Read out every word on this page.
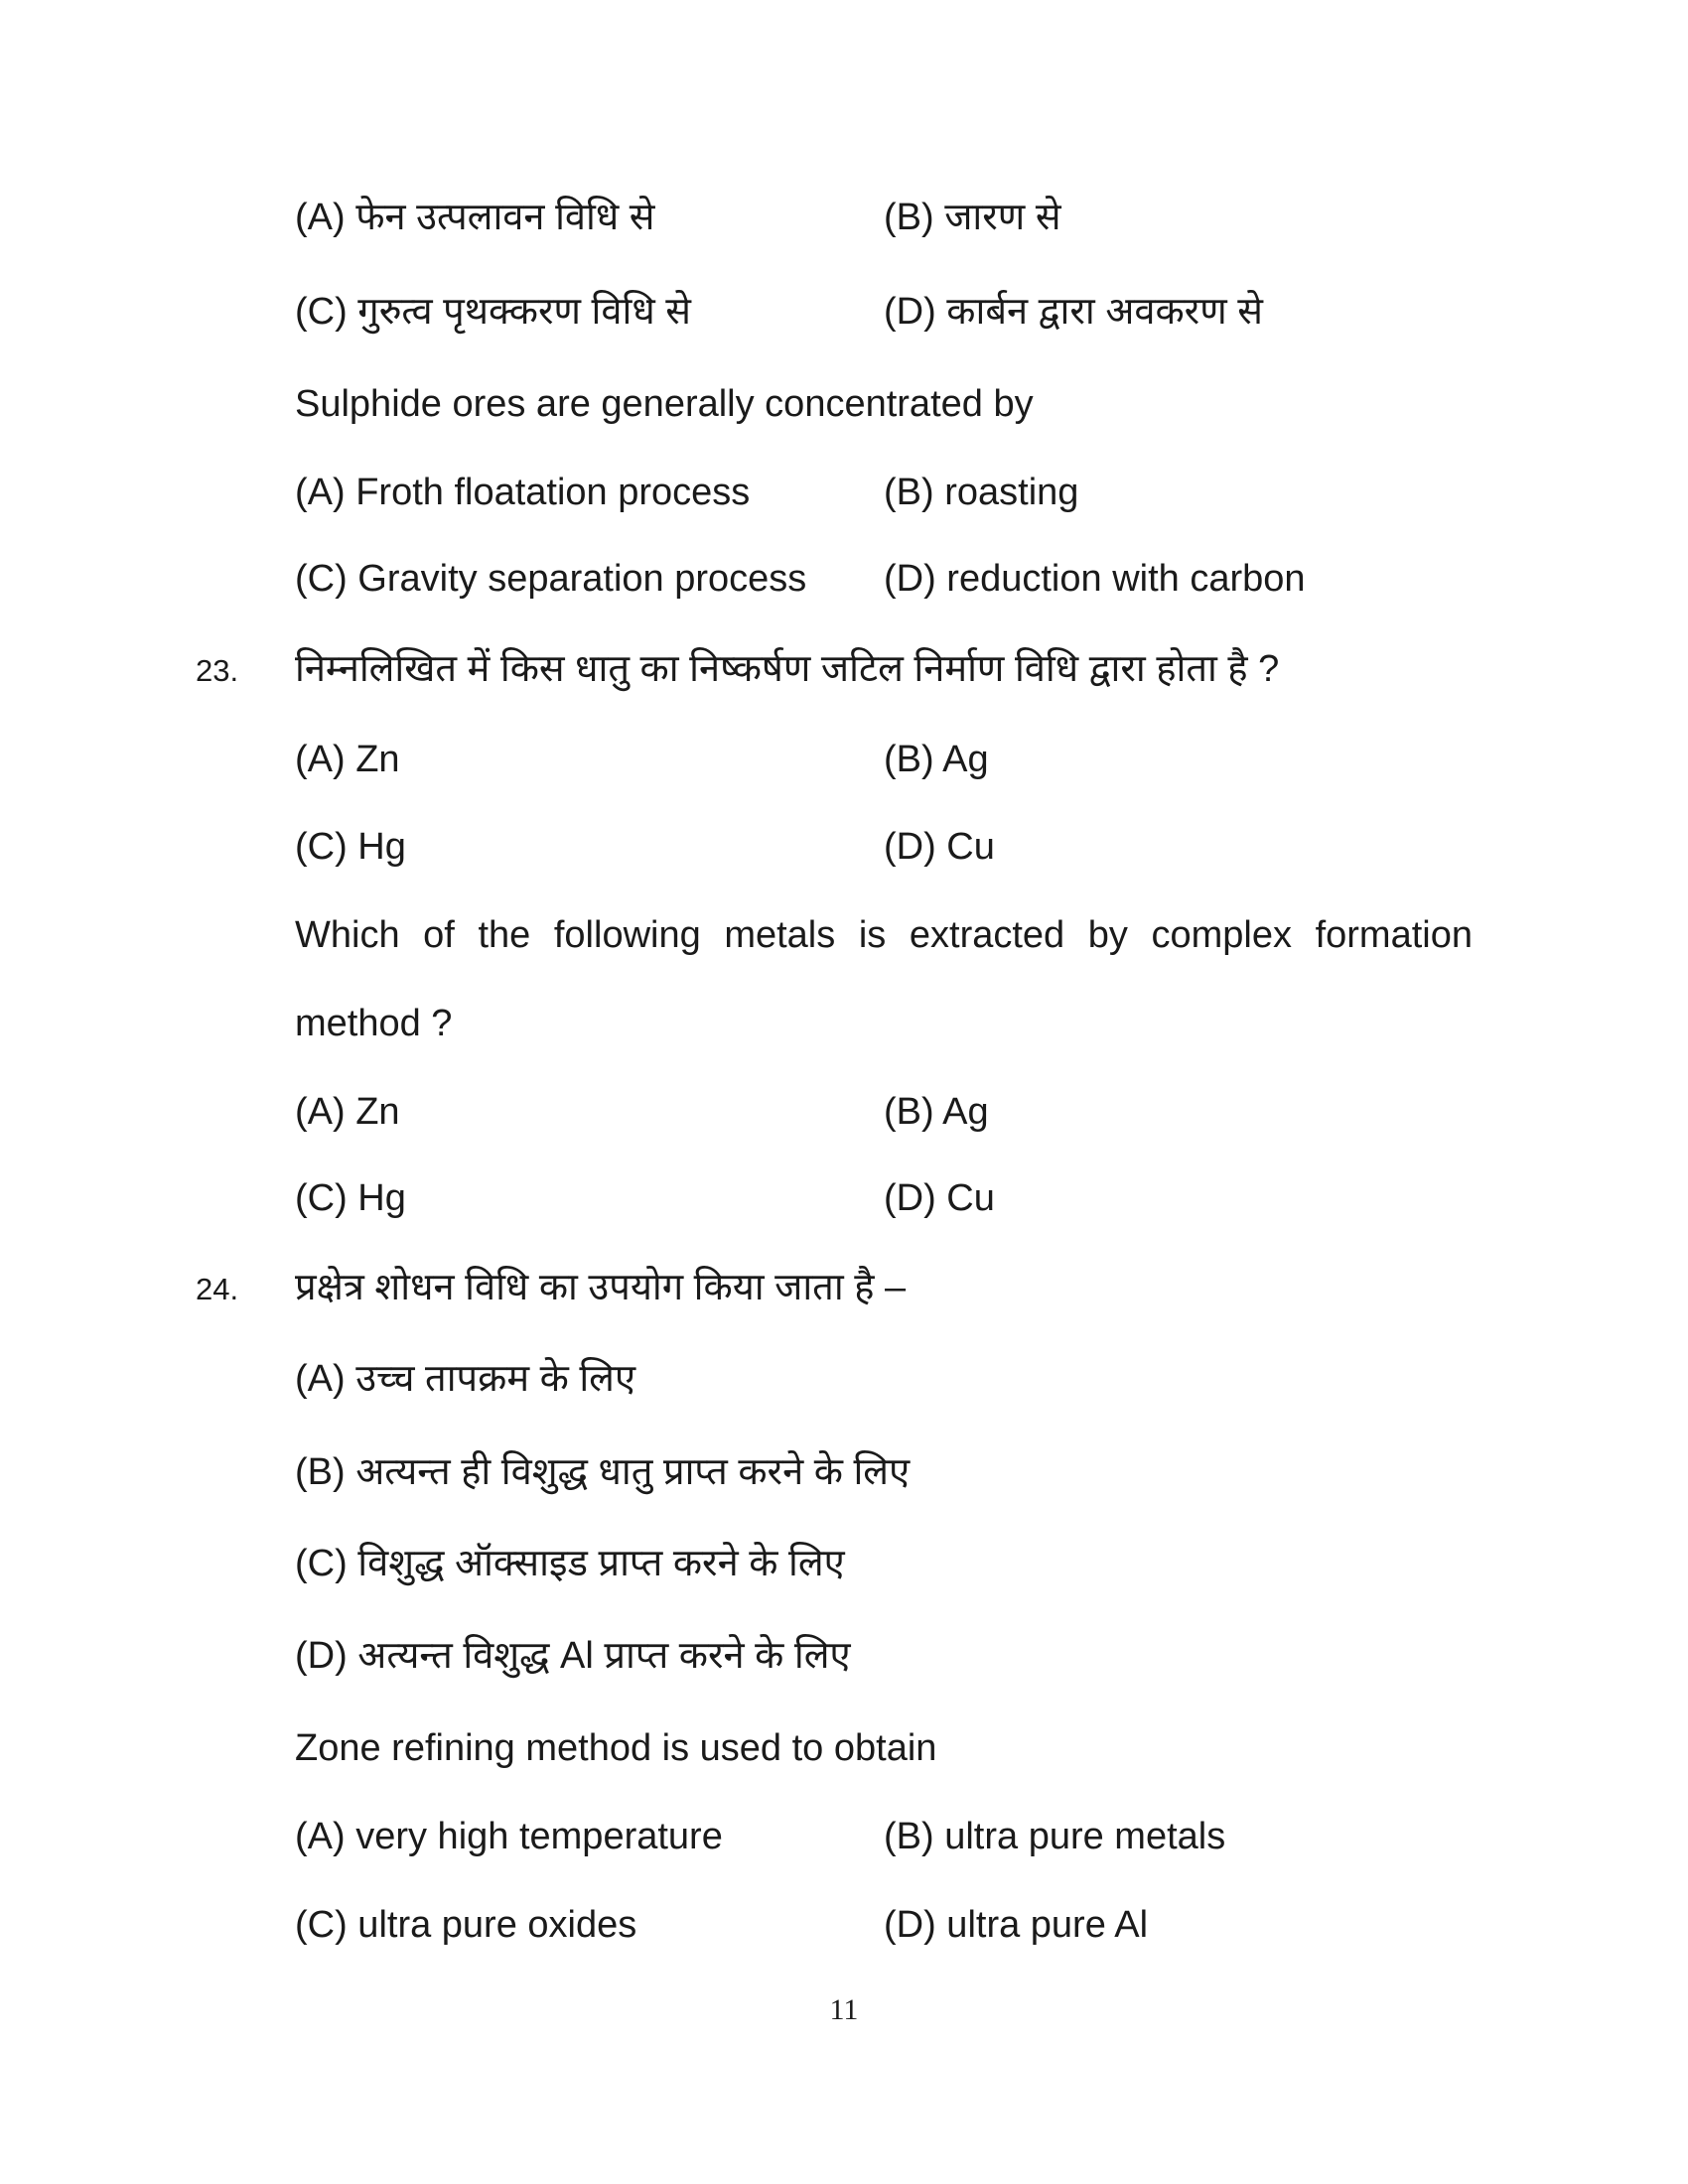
(A) फेन उत्पलावन विधि से	(B) जारण से
(C) गुरुत्व पृथक्करण विधि से	(D) कार्बन द्वारा अवकरण से
Sulphide ores are generally concentrated by
(A) Froth floatation process	(B) roasting
(C) Gravity separation process (D) reduction with carbon
23. निम्नलिखित में किस धातु का निष्कर्षण जटिल निर्माण विधि द्वारा होता है ?
(A) Zn	(B) Ag
(C) Hg	(D) Cu
Which of the following metals is extracted by complex formation
method ?
(A) Zn	(B) Ag
(C) Hg	(D) Cu
24. प्रक्षेत्र शोधन विधि का उपयोग किया जाता है –
(A) उच्च तापक्रम के लिए
(B) अत्यन्त ही विशुद्ध धातु प्राप्त करने के लिए
(C) विशुद्ध ऑक्साइड प्राप्त करने के लिए
(D) अत्यन्त विशुद्ध Al प्राप्त करने के लिए
Zone refining method is used to obtain
(A) very high temperature	(B) ultra pure metals
(C) ultra pure oxides	(D) ultra pure Al
11
